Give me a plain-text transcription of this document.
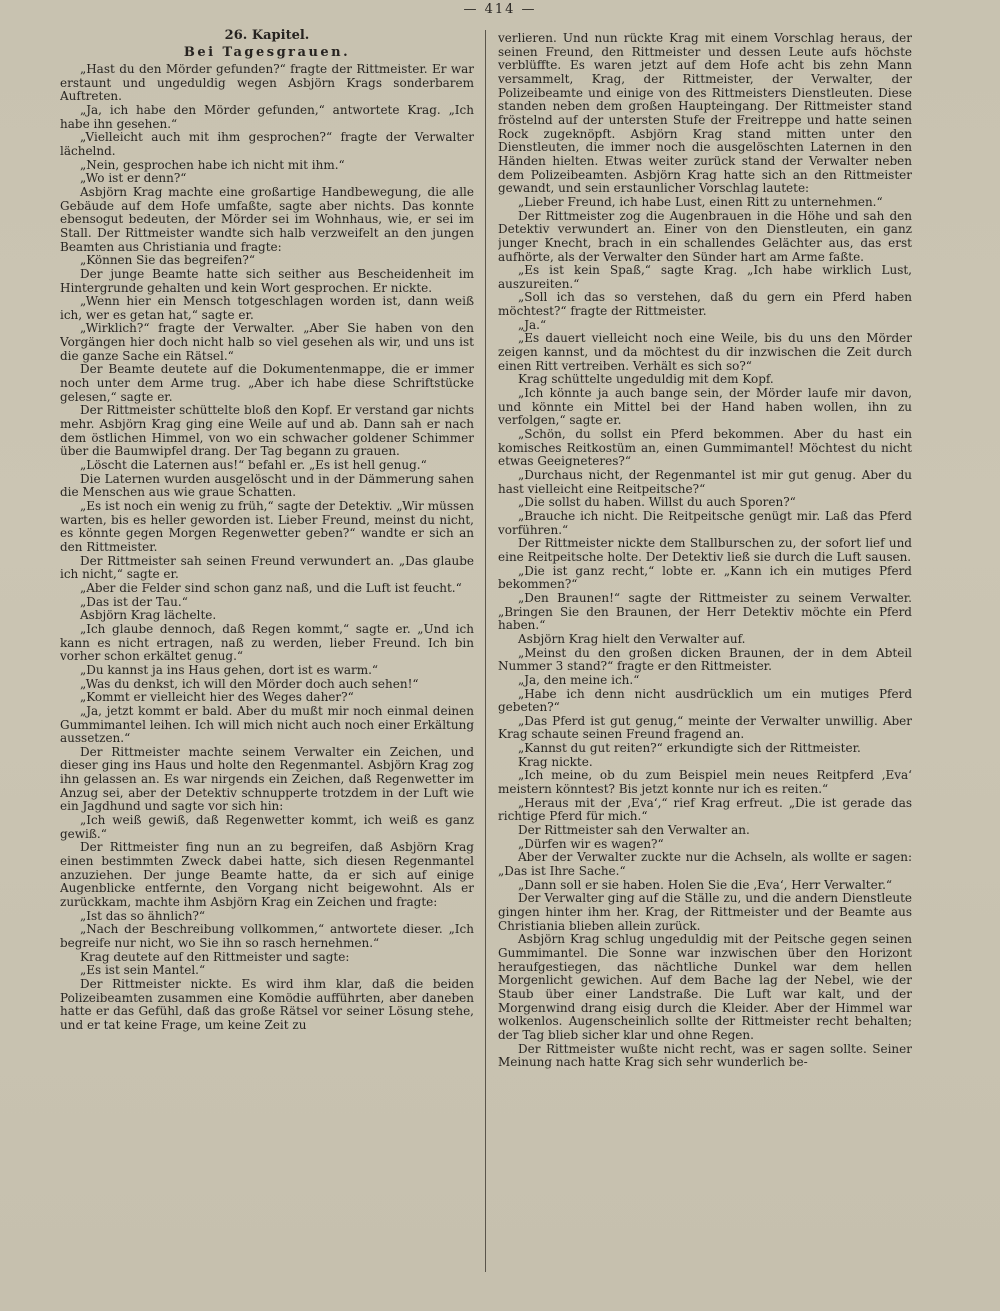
— 414 —
26. Kapitel.
Bei Tagesgrauen.

„Hast du den Mörder gefunden?“ fragte der Rittmeister. Er war erstaunt und ungeduldig wegen Asbjörn Krags sonderbarem Auftreten.

„Ja, ich habe den Mörder gefunden,“ antwortete Krag. „Ich habe ihn gesehen.“

„Vielleicht auch mit ihm gesprochen?“ fragte der Verwalter lächelnd.

„Nein, gesprochen habe ich nicht mit ihm.“

„Wo ist er denn?“

Asbjörn Krag machte eine großartige Handbewegung, die alle Gebäude auf dem Hofe umfaßte, sagte aber nichts. Das konnte ebensogut bedeuten, der Mörder sei im Wohnhaus, wie, er sei im Stall. Der Rittmeister wandte sich halb verzweifelt an den jungen Beamten aus Christiania und fragte:

„Können Sie das begreifen?“

Der junge Beamte hatte sich seither aus Bescheidenheit im Hintergrunde gehalten und kein Wort gesprochen. Er nickte.

„Wenn hier ein Mensch totgeschlagen worden ist, dann weiß ich, wer es getan hat,“ sagte er.

„Wirklich?“ fragte der Verwalter. „Aber Sie haben von den Vorgängen hier doch nicht halb so viel gesehen als wir, und uns ist die ganze Sache ein Rätsel.“

Der Beamte deutete auf die Dokumentenmappe, die er immer noch unter dem Arme trug. „Aber ich habe diese Schriftstücke gelesen,“ sagte er.

Der Rittmeister schüttelte bloß den Kopf. Er verstand gar nichts mehr. Asbjörn Krag ging eine Weile auf und ab. Dann sah er nach dem östlichen Himmel, von wo ein schwacher goldener Schimmer über die Baumwipfel drang. Der Tag begann zu grauen.

„Löscht die Laternen aus!“ befahl er. „Es ist hell genug.“

Die Laternen wurden ausgelöscht und in der Dämmerung sahen die Menschen aus wie graue Schatten.

„Es ist noch ein wenig zu früh,“ sagte der Detektiv. „Wir müssen warten, bis es heller geworden ist. Lieber Freund, meinst du nicht, es könnte gegen Morgen Regenwetter geben?“ wandte er sich an den Rittmeister.

Der Rittmeister sah seinen Freund verwundert an. „Das glaube ich nicht,“ sagte er.

„Aber die Felder sind schon ganz naß, und die Luft ist feucht.“

„Das ist der Tau.“

Asbjörn Krag lächelte.

„Ich glaube dennoch, daß Regen kommt,“ sagte er. „Und ich kann es nicht ertragen, naß zu werden, lieber Freund. Ich bin vorher schon erkältet genug.“

„Du kannst ja ins Haus gehen, dort ist es warm.“

„Was du denkst, ich will den Mörder doch auch sehen!“

„Kommt er vielleicht hier des Weges daher?“

„Ja, jetzt kommt er bald. Aber du mußt mir noch einmal deinen Gummimantel leihen. Ich will mich nicht auch noch einer Erkältung aussetzen.“

Der Rittmeister machte seinem Verwalter ein Zeichen, und dieser ging ins Haus und holte den Regenmantel. Asbjörn Krag zog ihn gelassen an. Es war nirgends ein Zeichen, daß Regenwetter im Anzug sei, aber der Detektiv schnupperte trotzdem in der Luft wie ein Jagdhund und sagte vor sich hin:

„Ich weiß gewiß, daß Regenwetter kommt, ich weiß es ganz gewiß.“

Der Rittmeister fing nun an zu begreifen, daß Asbjörn Krag einen bestimmten Zweck dabei hatte, sich diesen Regenmantel anzuziehen. Der junge Beamte hatte, da er sich auf einige Augenblicke entfernte, den Vorgang nicht beigewohnt. Als er zurückkam, machte ihm Asbjörn Krag ein Zeichen und fragte:

„Ist das so ähnlich?“

„Nach der Beschreibung vollkommen,“ antwortete dieser. „Ich begreife nur nicht, wo Sie ihn so rasch hernehmen.“

Krag deutete auf den Rittmeister und sagte:

„Es ist sein Mantel.“

Der Rittmeister nickte. Es wird ihm klar, daß die beiden Polizeibeamten zusammen eine Komödie aufführten, aber daneben hatte er das Gefühl, daß das große Rätsel vor seiner Lösung stehe, und er tat keine Frage, um keine Zeit zu

verlieren. Und nun rückte Krag mit einem Vorschlag heraus, der seinen Freund, den Rittmeister und dessen Leute aufs höchste verblüffte. Es waren jetzt auf dem Hofe acht bis zehn Mann versammelt, Krag, der Rittmeister, der Verwalter, der Polizeibeamte und einige von des Rittmeisters Dienstleuten. Diese standen neben dem großen Haupteingang. Der Rittmeister stand fröstelnd auf der untersten Stufe der Freitreppe und hatte seinen Rock zugeknöpft. Asbjörn Krag stand mitten unter den Dienstleuten, die immer noch die ausgelöschten Laternen in den Händen hielten. Etwas weiter zurück stand der Verwalter neben dem Polizeibeamten. Asbjörn Krag hatte sich an den Rittmeister gewandt, und sein erstaunlicher Vorschlag lautete:

„Lieber Freund, ich habe Lust, einen Ritt zu unternehmen.“

Der Rittmeister zog die Augenbrauen in die Höhe und sah den Detektiv verwundert an. Einer von den Dienstleuten, ein ganz junger Knecht, brach in ein schallendes Gelächter aus, das erst aufhörte, als der Verwalter den Sünder hart am Arme faßte.

„Es ist kein Spaß,“ sagte Krag. „Ich habe wirklich Lust, auszureiten.“

„Soll ich das so verstehen, daß du gern ein Pferd haben möchtest?“ fragte der Rittmeister.

„Ja.“

„Es dauert vielleicht noch eine Weile, bis du uns den Mörder zeigen kannst, und da möchtest du dir inzwischen die Zeit durch einen Ritt vertreiben. Verhält es sich so?“

Krag schüttelte ungeduldig mit dem Kopf.

„Ich könnte ja auch bange sein, der Mörder laufe mir davon, und könnte ein Mittel bei der Hand haben wollen, ihn zu verfolgen,“ sagte er.

„Schön, du sollst ein Pferd bekommen. Aber du hast ein komisches Reitkostüm an, einen Gummimantel! Möchtest du nicht etwas Geeigneteres?“

„Durchaus nicht, der Regenmantel ist mir gut genug. Aber du hast vielleicht eine Reitpeitsche?“

„Die sollst du haben. Willst du auch Sporen?“

„Brauche ich nicht. Die Reitpeitsche genügt mir. Laß das Pferd vorführen.“

Der Rittmeister nickte dem Stallburschen zu, der sofort lief und eine Reitpeitsche holte. Der Detektiv ließ sie durch die Luft sausen.

„Die ist ganz recht,“ lobte er. „Kann ich ein mutiges Pferd bekommen?“

„Den Braunen!“ sagte der Rittmeister zu seinem Verwalter. „Bringen Sie den Braunen, der Herr Detektiv möchte ein Pferd haben.“

Asbjörn Krag hielt den Verwalter auf.

„Meinst du den großen dicken Braunen, der in dem Abteil Nummer 3 stand?“ fragte er den Rittmeister.

„Ja, den meine ich.“

„Habe ich denn nicht ausdrücklich um ein mutiges Pferd gebeten?“

„Das Pferd ist gut genug,“ meinte der Verwalter unwillig. Aber Krag schaute seinen Freund fragend an.

„Kannst du gut reiten?“ erkundigte sich der Rittmeister.

Krag nickte.

„Ich meine, ob du zum Beispiel mein neues Reitpferd ‚Eva‘ meistern könntest? Bis jetzt konnte nur ich es reiten.“

„Heraus mit der ‚Eva‘,“ rief Krag erfreut. „Die ist gerade das richtige Pferd für mich.“

Der Rittmeister sah den Verwalter an.

„Dürfen wir es wagen?“

Aber der Verwalter zuckte nur die Achseln, als wollte er sagen: „Das ist Ihre Sache.“

„Dann soll er sie haben. Holen Sie die ‚Eva‘, Herr Verwalter.“

Der Verwalter ging auf die Ställe zu, und die andern Dienstleute gingen hinter ihm her. Krag, der Rittmeister und der Beamte aus Christiania blieben allein zurück.

Asbjörn Krag schlug ungeduldig mit der Peitsche gegen seinen Gummimantel. Die Sonne war inzwischen über den Horizont heraufgestiegen, das nächtliche Dunkel war dem hellen Morgenlicht gewichen. Auf dem Bache lag der Nebel, wie der Staub über einer Landstraße. Die Luft war kalt, und der Morgenwind drang eisig durch die Kleider. Aber der Himmel war wolkenlos. Augenscheinlich sollte der Rittmeister recht behalten; der Tag blieb sicher klar und ohne Regen.

Der Rittmeister wußte nicht recht, was er sagen sollte. Seiner Meinung nach hatte Krag sich sehr wunderlich be-
